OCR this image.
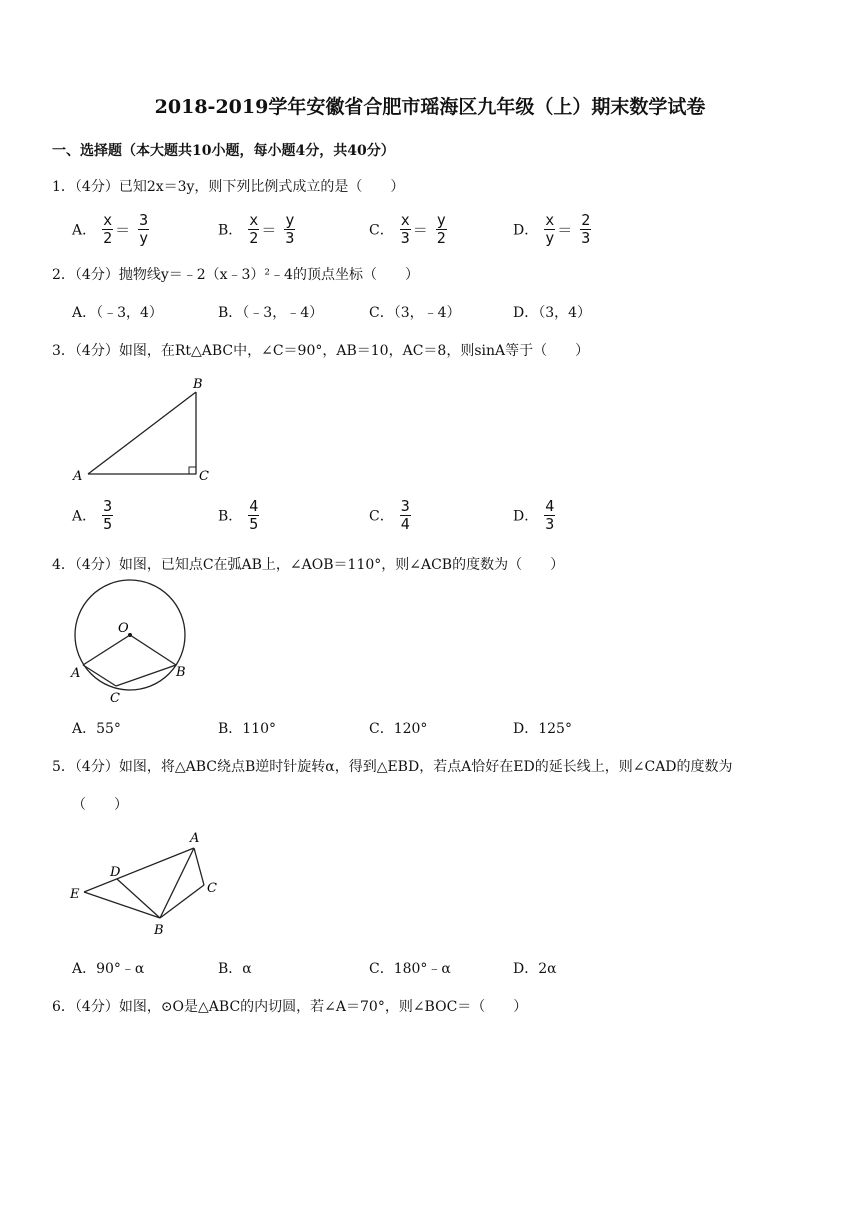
2018-2019学年安徽省合肥市瑶海区九年级（上）期末数学试卷
一、选择题（本大题共10小题，每小题4分，共40分）
1．（4分）已知2x＝3y，则下列比例式成立的是（　　）
A． $\frac{x}{2} = \frac{3}{y}$	B． $\frac{x}{2} = \frac{y}{3}$	C． $\frac{x}{3} = \frac{y}{2}$	D． $\frac{x}{y} = \frac{2}{3}$
2．（4分）抛物线y＝﹣2（x﹣3）²﹣4的顶点坐标（　　）
A．（﹣3，4）	B．（﹣3，﹣4）	C．（3，﹣4）	D．（3，4）
3．（4分）如图，在Rt△ABC中，∠C＝90°，AB＝10，AC＝8，则sinA等于（　　）
B
A	C
A． $\frac{3}{5}$	B． $\frac{4}{5}$	C． $\frac{3}{4}$	D． $\frac{4}{3}$
4．（4分）如图，已知点C在弧AB上，∠AOB＝110°，则∠ACB的度数为（　　）
O
A	B
C
A．55°	B．110°	C．120°	D．125°
5．（4分）如图，将△ABC绕点B逆时针旋转α，得到△EBD，若点A恰好在ED的延长线上，则∠CAD的度数为
（　　）
A
D
E	C
B
A．90°﹣α	B．α	C．180°﹣α	D．2α
6．（4分）如图，⊙O是△ABC的内切圆，若∠A＝70°，则∠BOC＝（　　）
